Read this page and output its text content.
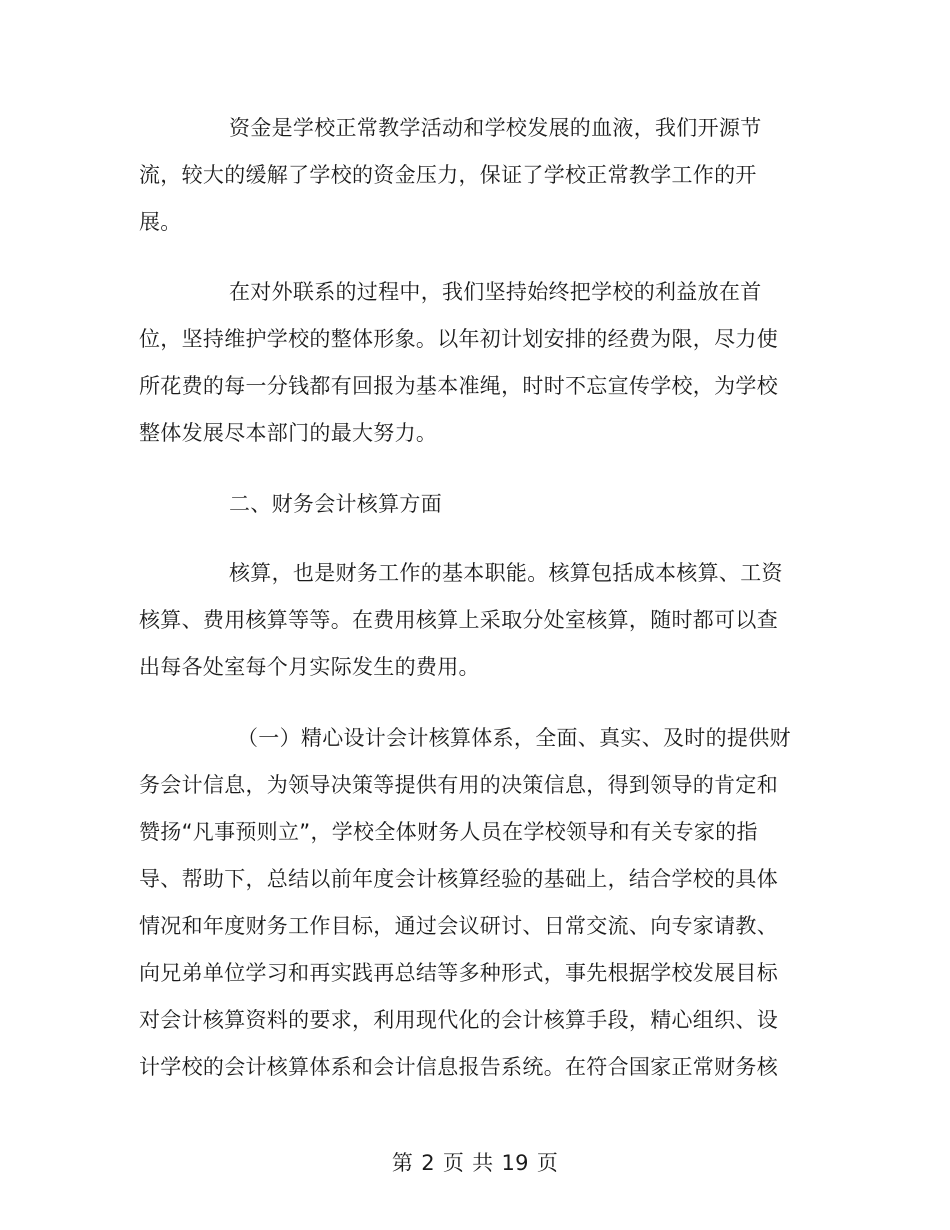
资金是学校正常教学活动和学校发展的血液，我们开源节
流，较大的缓解了学校的资金压力，保证了学校正常教学工作的开
展。
在对外联系的过程中，我们坚持始终把学校的利益放在首
位，坚持维护学校的整体形象。以年初计划安排的经费为限，尽力使
所花费的每一分钱都有回报为基本准绳，时时不忘宣传学校，为学校
整体发展尽本部门的最大努力。
二、财务会计核算方面
核算，也是财务工作的基本职能。核算包括成本核算、工资
核算、费用核算等等。在费用核算上采取分处室核算，随时都可以查
出每各处室每个月实际发生的费用。
（一）精心设计会计核算体系，全面、真实、及时的提供财
务会计信息，为领导决策等提供有用的决策信息，得到领导的肯定和
赞扬“凡事预则立”，学校全体财务人员在学校领导和有关专家的指
导、帮助下，总结以前年度会计核算经验的基础上，结合学校的具体
情况和年度财务工作目标，通过会议研讨、日常交流、向专家请教、
向兄弟单位学习和再实践再总结等多种形式，事先根据学校发展目标
对会计核算资料的要求，利用现代化的会计核算手段，精心组织、设
计学校的会计核算体系和会计信息报告系统。在符合国家正常财务核
第 2 页 共 19 页
